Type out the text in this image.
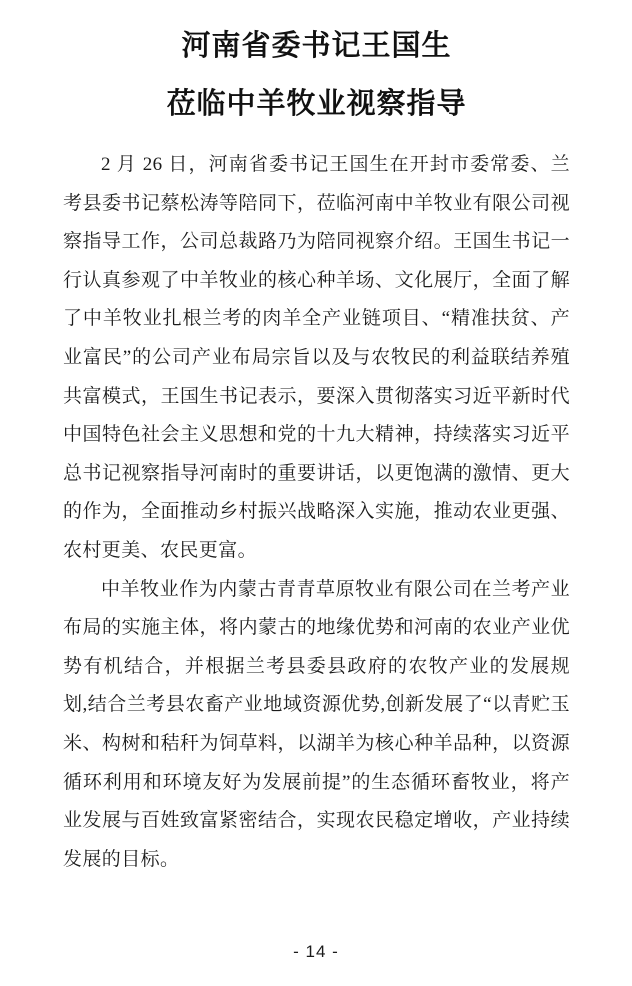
河南省委书记王国生
莅临中羊牧业视察指导

2 月 26 日，河南省委书记王国生在开封市委常委、兰考县委书记蔡松涛等陪同下，莅临河南中羊牧业有限公司视察指导工作，公司总裁路乃为陪同视察介绍。王国生书记一行认真参观了中羊牧业的核心种羊场、文化展厅，全面了解了中羊牧业扎根兰考的肉羊全产业链项目、“精准扶贫、产业富民”的公司产业布局宗旨以及与农牧民的利益联结养殖共富模式，王国生书记表示，要深入贯彻落实习近平新时代中国特色社会主义思想和党的十九大精神，持续落实习近平总书记视察指导河南时的重要讲话，以更饱满的激情、更大的作为，全面推动乡村振兴战略深入实施，推动农业更强、农村更美、农民更富。

中羊牧业作为内蒙古青青草原牧业有限公司在兰考产业布局的实施主体，将内蒙古的地缘优势和河南的农业产业优势有机结合，并根据兰考县委县政府的农牧产业的发展规划,结合兰考县农畜产业地域资源优势,创新发展了“以青贮玉米、构树和秸秆为饲草料，以湖羊为核心种羊品种，以资源循环利用和环境友好为发展前提”的生态循环畜牧业，将产业发展与百姓致富紧密结合，实现农民稳定增收，产业持续发展的目标。

- 14 -
